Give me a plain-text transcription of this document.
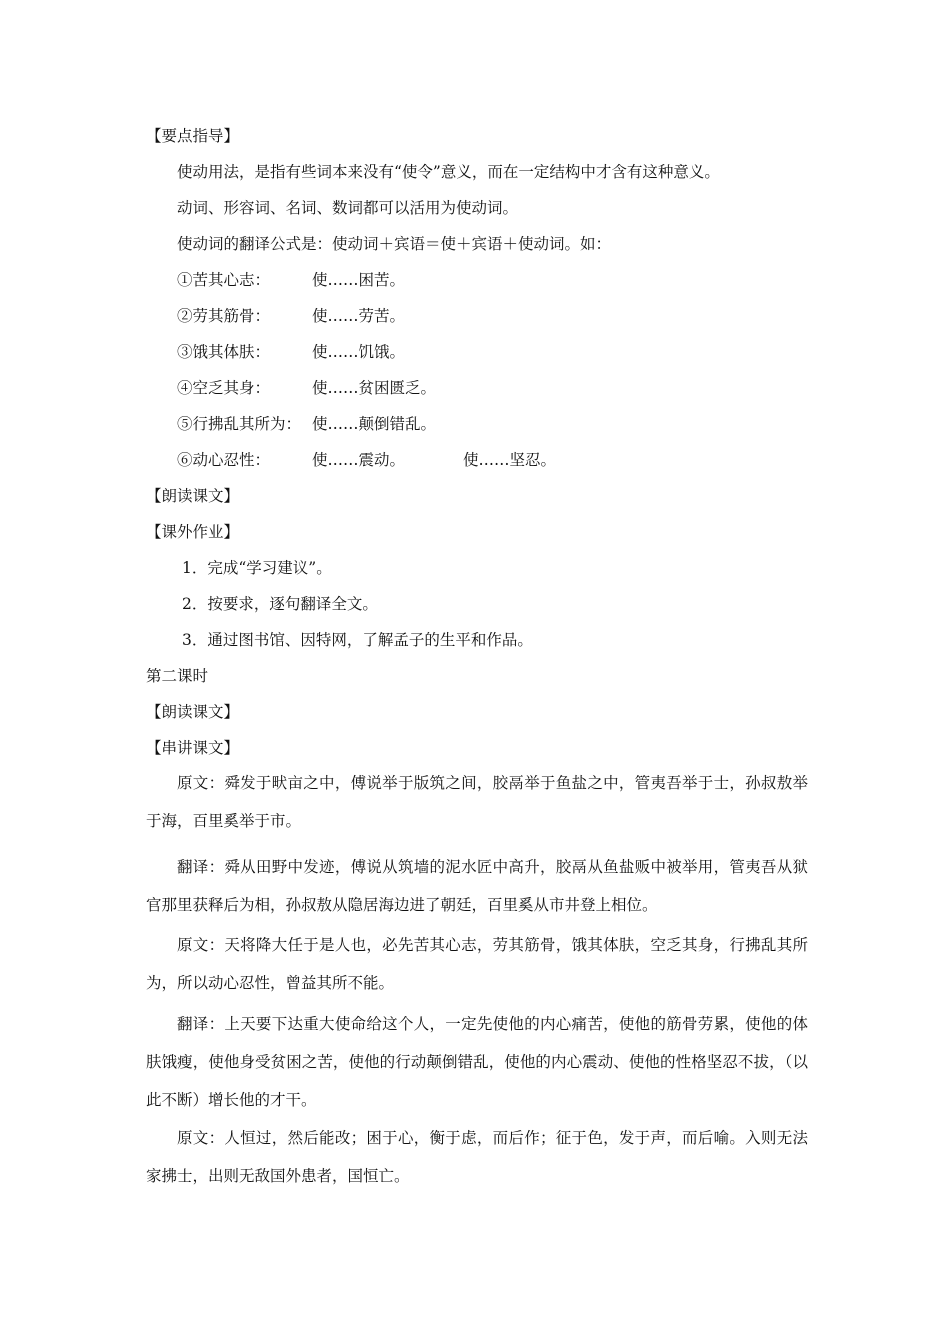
【要点指导】
使动用法，是指有些词本来没有“使令”意义，而在一定结构中才含有这种意义。
动词、形容词、名词、数词都可以活用为使动词。
使动词的翻译公式是：使动词＋宾语＝使＋宾语＋使动词。如：
①苦其心志：	使……困苦。
②劳其筋骨：	使……劳苦。
③饿其体肤：	使……饥饿。
④空乏其身：	使……贫困匮乏。
⑤行拂乱其所为： 使……颠倒错乱。
⑥动心忍性：	使……震动。	使……坚忍。
【朗读课文】
【课外作业】
1．完成“学习建议”。
2．按要求，逐句翻译全文。
3．通过图书馆、因特网，了解孟子的生平和作品。
第二课时
【朗读课文】
【串讲课文】
原文：舜发于畎亩之中，傅说举于版筑之间，胶鬲举于鱼盐之中，管夷吾举于士，孙叔敖举于海，百里奚举于市。
翻译：舜从田野中发迹，傅说从筑墙的泥水匠中高升，胶鬲从鱼盐贩中被举用，管夷吾从狱官那里获释后为相，孙叔敖从隐居海边进了朝廷，百里奚从市井登上相位。
原文：天将降大任于是人也，必先苦其心志，劳其筋骨，饿其体肤，空乏其身，行拂乱其所为，所以动心忍性，曾益其所不能。
翻译：上天要下达重大使命给这个人，一定先使他的内心痛苦，使他的筋骨劳累，使他的体肤饿瘦，使他身受贫困之苦，使他的行动颠倒错乱，使他的内心震动、使他的性格坚忍不拔，（以此不断）增长他的才干。
原文：人恒过，然后能改；困于心，衡于虑，而后作；征于色，发于声，而后喻。入则无法家拂士，出则无敌国外患者，国恒亡。
